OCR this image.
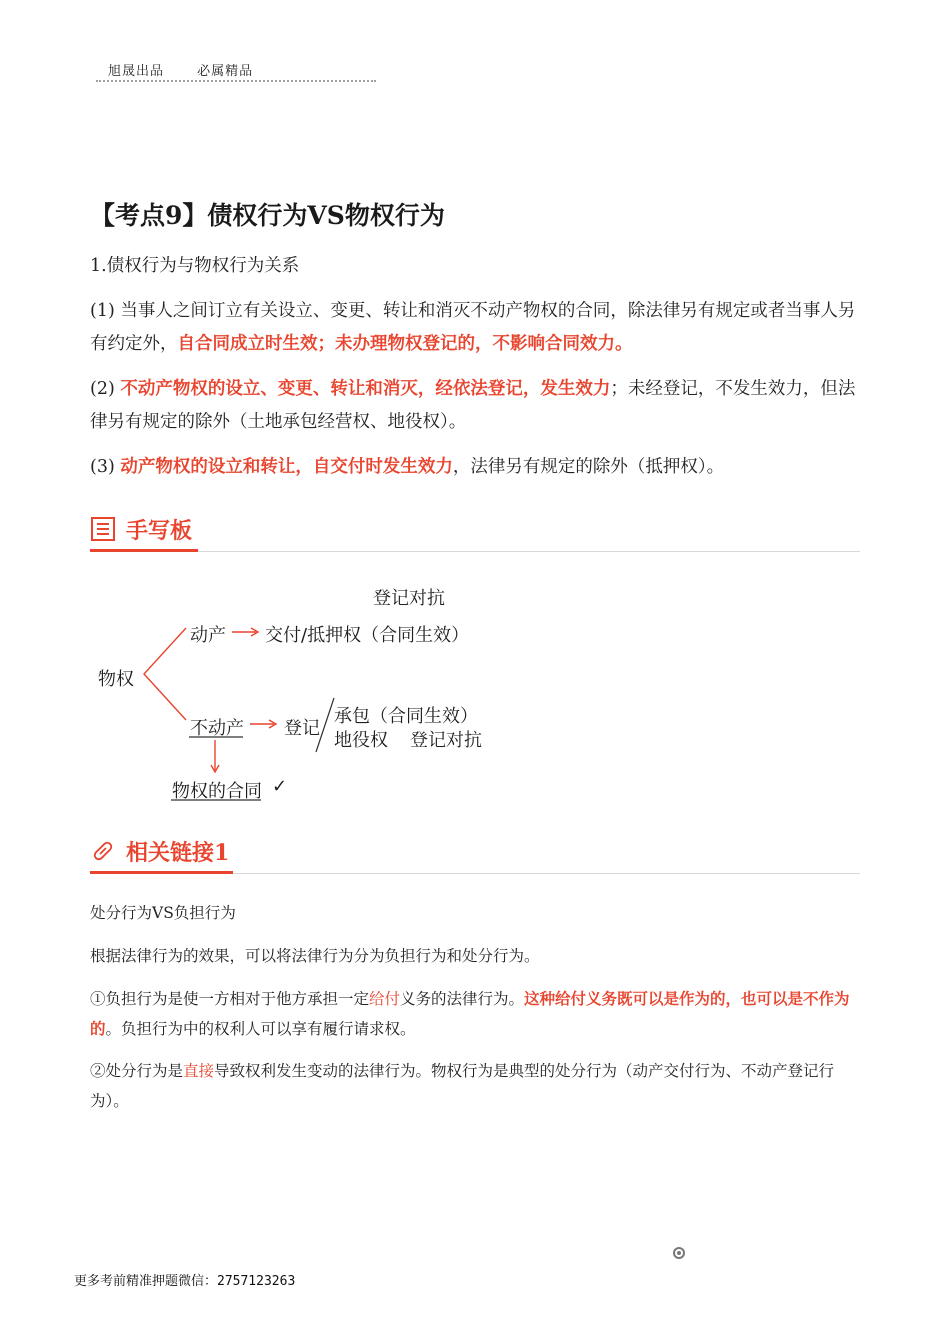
旭晟出品	必属精品
【考点9】债权行为VS物权行为
1.债权行为与物权行为关系
(1) 当事人之间订立有关设立、变更、转让和消灭不动产物权的合同，除法律另有规定或者当事人另有约定外，自合同成立时生效；未办理物权登记的，不影响合同效力。
(2) 不动产物权的设立、变更、转让和消灭，经依法登记，发生效力；未经登记，不发生效力，但法律另有规定的除外（土地承包经营权、地役权）。
(3) 动产物权的设立和转让，自交付时发生效力，法律另有规定的除外（抵押权）。
手写板
登记对抗
物权
动产 交付/抵押权（合同生效）
不动产 登记
承包（合同生效）
地役权 登记对抗
物权的合同 ✓
相关链接1
处分行为VS负担行为
根据法律行为的效果，可以将法律行为分为负担行为和处分行为。
①负担行为是使一方相对于他方承担一定给付义务的法律行为。这种给付义务既可以是作为的，也可以是不作为的。负担行为中的权利人可以享有履行请求权。
②处分行为是直接导致权利发生变动的法律行为。物权行为是典型的处分行为（动产交付行为、不动产登记行为）。
更多考前精准押题微信：2757123263
